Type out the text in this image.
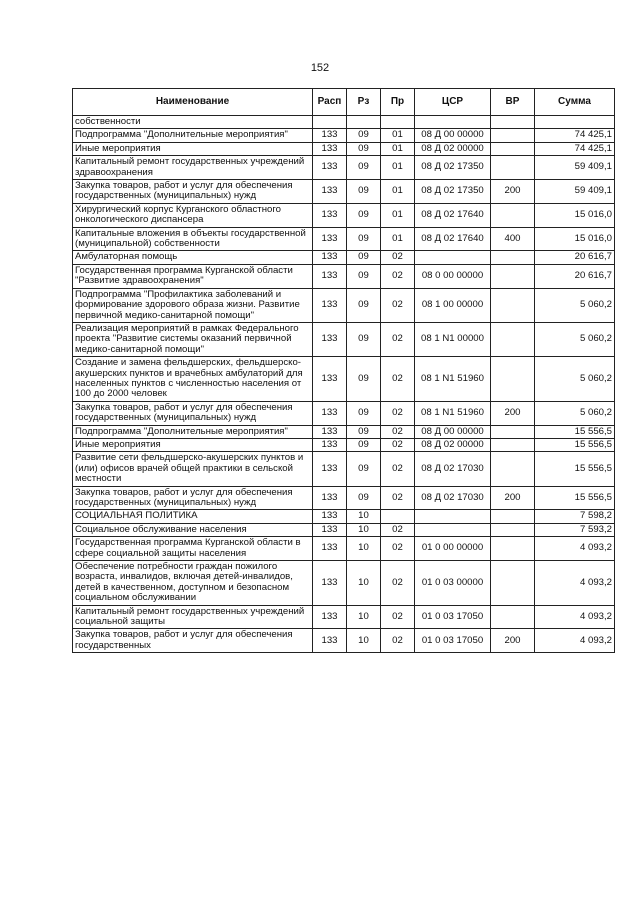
152
Наименование	Расп	Рз	Пр	ЦСР	ВР	Сумма
собственности						
Подпрограмма "Дополнительные мероприятия"	133	09	01	08 Д 00 00000		74 425,1
Иные мероприятия	133	09	01	08 Д 02 00000		74 425,1
Капитальный ремонт государственных учреждений здравоохранения	133	09	01	08 Д 02 17350		59 409,1
Закупка товаров, работ и услуг для обеспечения государственных (муниципальных) нужд	133	09	01	08 Д 02 17350	200	59 409,1
Хирургический корпус Курганского областного онкологического диспансера	133	09	01	08 Д 02 17640		15 016,0
Капитальные вложения в объекты государственной (муниципальной) собственности	133	09	01	08 Д 02 17640	400	15 016,0
Амбулаторная помощь	133	09	02			20 616,7
Государственная программа Курганской области "Развитие здравоохранения"	133	09	02	08 0 00 00000		20 616,7
Подпрограмма "Профилактика заболеваний и формирование здорового образа жизни. Развитие первичной медико-санитарной помощи"	133	09	02	08 1 00 00000		5 060,2
Реализация мероприятий в рамках Федерального проекта "Развитие системы оказаний первичной медико-санитарной помощи"	133	09	02	08 1 N1 00000		5 060,2
Создание и замена фельдшерских, фельдшерско-акушерских пунктов и врачебных амбулаторий для населенных пунктов с численностью населения от 100 до 2000 человек	133	09	02	08 1 N1 51960		5 060,2
Закупка товаров, работ и услуг для обеспечения государственных (муниципальных) нужд	133	09	02	08 1 N1 51960	200	5 060,2
Подпрограмма "Дополнительные мероприятия"	133	09	02	08 Д 00 00000		15 556,5
Иные мероприятия	133	09	02	08 Д 02 00000		15 556,5
Развитие сети фельдшерско-акушерских пунктов и (или) офисов врачей общей практики в сельской местности	133	09	02	08 Д 02 17030		15 556,5
Закупка товаров, работ и услуг для обеспечения государственных (муниципальных) нужд	133	09	02	08 Д 02 17030	200	15 556,5
СОЦИАЛЬНАЯ ПОЛИТИКА	133	10				7 598,2
Социальное обслуживание населения	133	10	02			7 593,2
Государственная программа Курганской области в сфере социальной защиты населения	133	10	02	01 0 00 00000		4 093,2
Обеспечение потребности граждан пожилого возраста, инвалидов, включая детей-инвалидов, детей в качественном, доступном и безопасном социальном обслуживании	133	10	02	01 0 03 00000		4 093,2
Капитальный ремонт государственных учреждений социальной защиты	133	10	02	01 0 03 17050		4 093,2
Закупка товаров, работ и услуг для обеспечения государственных	133	10	02	01 0 03 17050	200	4 093,2
